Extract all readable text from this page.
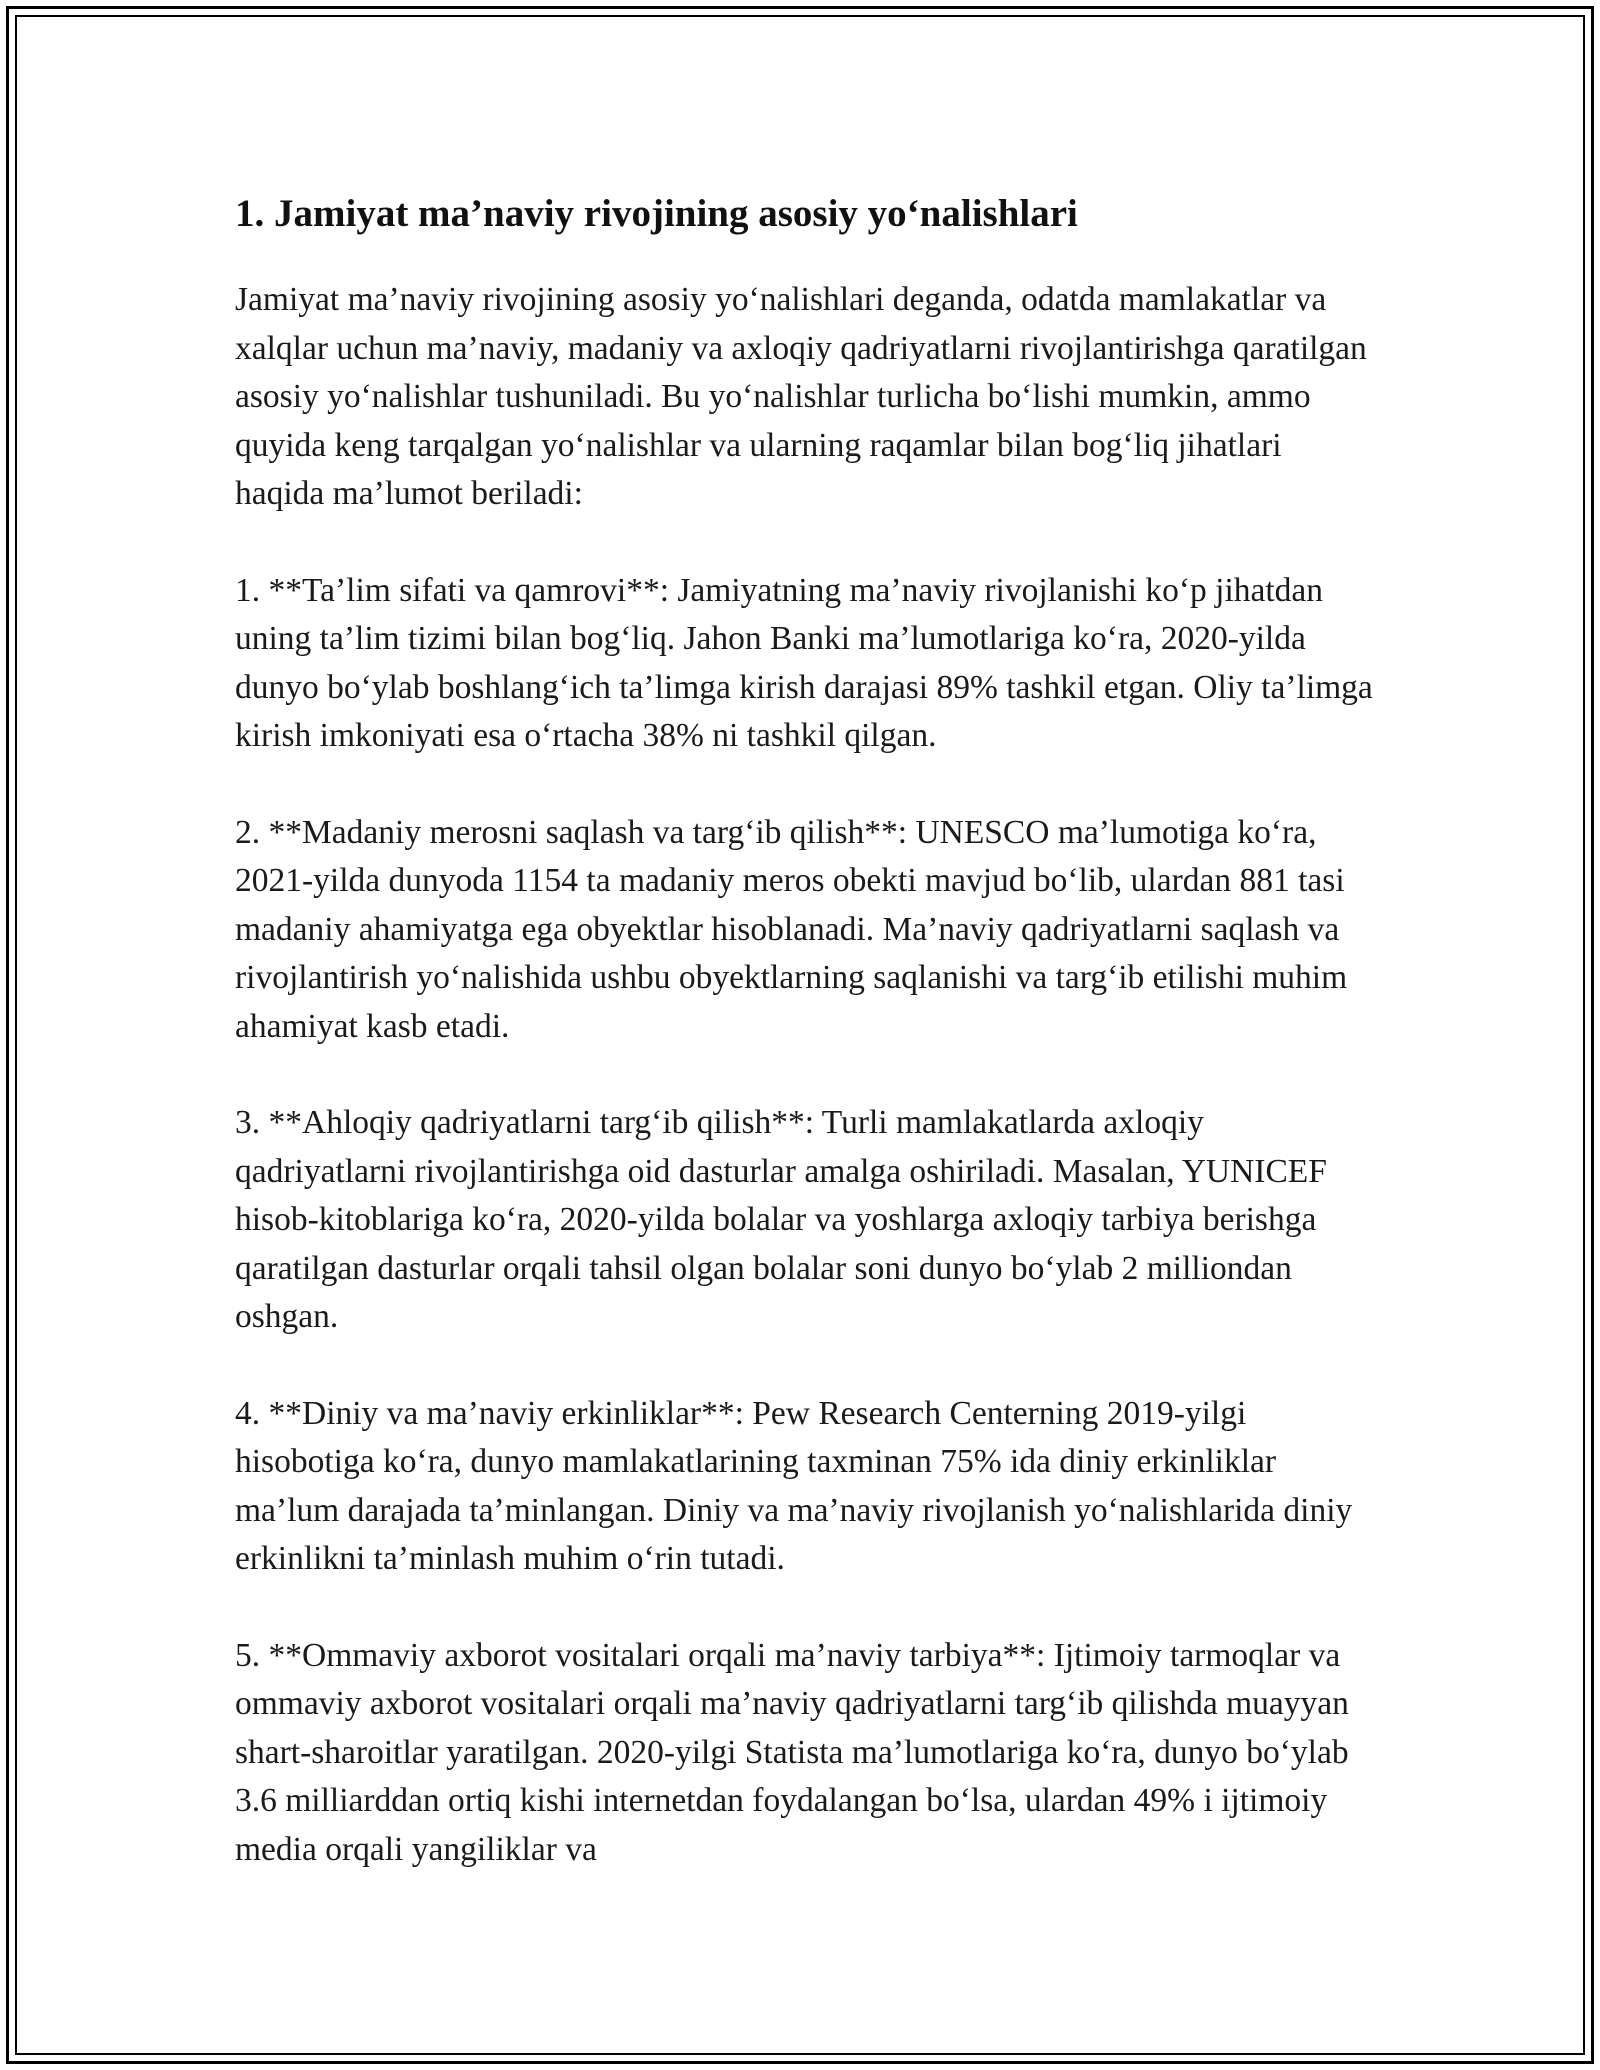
1. Jamiyat ma’naviy rivojining asosiy yo‘nalishlari

Jamiyat ma’naviy rivojining asosiy yo‘nalishlari deganda, odatda mamlakatlar va xalqlar uchun ma’naviy, madaniy va axloqiy qadriyatlarni rivojlantirishga qaratilgan asosiy yo‘nalishlar tushuniladi. Bu yo‘nalishlar turlicha bo‘lishi mumkin, ammo quyida keng tarqalgan yo‘nalishlar va ularning raqamlar bilan bog‘liq jihatlari haqida ma’lumot beriladi:

1. **Ta’lim sifati va qamrovi**: Jamiyatning ma’naviy rivojlanishi ko‘p jihatdan uning ta’lim tizimi bilan bog‘liq. Jahon Banki ma’lumotlariga ko‘ra, 2020-yilda dunyo bo‘ylab boshlang‘ich ta’limga kirish darajasi 89% tashkil etgan. Oliy ta’limga kirish imkoniyati esa o‘rtacha 38% ni tashkil qilgan.

2. **Madaniy merosni saqlash va targ‘ib qilish**: UNESCO ma’lumotiga ko‘ra, 2021-yilda dunyoda 1154 ta madaniy meros obekti mavjud bo‘lib, ulardan 881 tasi madaniy ahamiyatga ega obyektlar hisoblanadi. Ma’naviy qadriyatlarni saqlash va rivojlantirish yo‘nalishida ushbu obyektlarning saqlanishi va targ‘ib etilishi muhim ahamiyat kasb etadi.

3. **Ahloqiy qadriyatlarni targ‘ib qilish**: Turli mamlakatlarda axloqiy qadriyatlarni rivojlantirishga oid dasturlar amalga oshiriladi. Masalan, YUNICEF hisob-kitoblariga ko‘ra, 2020-yilda bolalar va yoshlarga axloqiy tarbiya berishga qaratilgan dasturlar orqali tahsil olgan bolalar soni dunyo bo‘ylab 2 milliondan oshgan.

4. **Diniy va ma’naviy erkinliklar**: Pew Research Centerning 2019-yilgi hisobotiga ko‘ra, dunyo mamlakatlarining taxminan 75% ida diniy erkinliklar ma’lum darajada ta’minlangan. Diniy va ma’naviy rivojlanish yo‘nalishlarida diniy erkinlikni ta’minlash muhim o‘rin tutadi.

5. **Ommaviy axborot vositalari orqali ma’naviy tarbiya**: Ijtimoiy tarmoqlar va ommaviy axborot vositalari orqali ma’naviy qadriyatlarni targ‘ib qilishda muayyan shart-sharoitlar yaratilgan. 2020-yilgi Statista ma’lumotlariga ko‘ra, dunyo bo‘ylab 3.6 milliarddan ortiq kishi internetdan foydalangan bo‘lsa, ulardan 49% i ijtimoiy media orqali yangiliklar va
